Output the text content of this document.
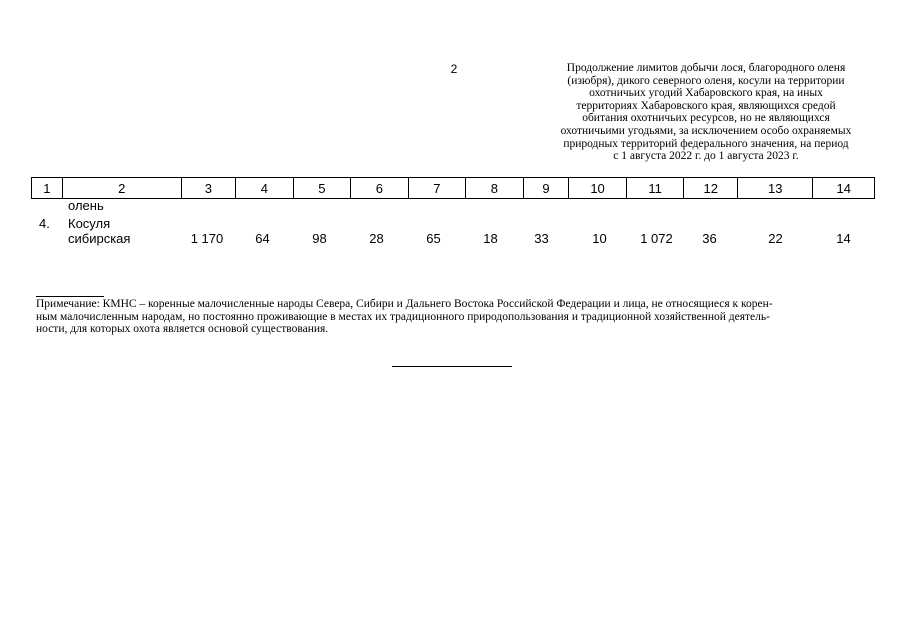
2	Продолжение лимитов добычи лося, благородного оленя
(изюбря), дикого северного оленя, косули на территории
охотничьих угодий Хабаровского края, на иных
территориях Хабаровского края, являющихся средой
обитания охотничьих ресурсов, но не являющихся
охотничьими угодьями, за исключением особо охраняемых
природных территорий федерального значения, на период
с 1 августа 2022 г. до 1 августа 2023 г.
1	2	3	4	5	6	7	8	9	10	11	12	13	14
олень
4. Косуля
сибирская	1 170	64	98	28	65	18	33	10	1 072	36	22	14
Примечание: КМНС – коренные малочисленные народы Севера, Сибири и Дальнего Востока Российской Федерации и лица, не относящиеся к корен-
ным малочисленным народам, но постоянно проживающие в местах их традиционного природопользования и традиционной хозяйственной деятель-
ности, для которых охота является основой существования.
